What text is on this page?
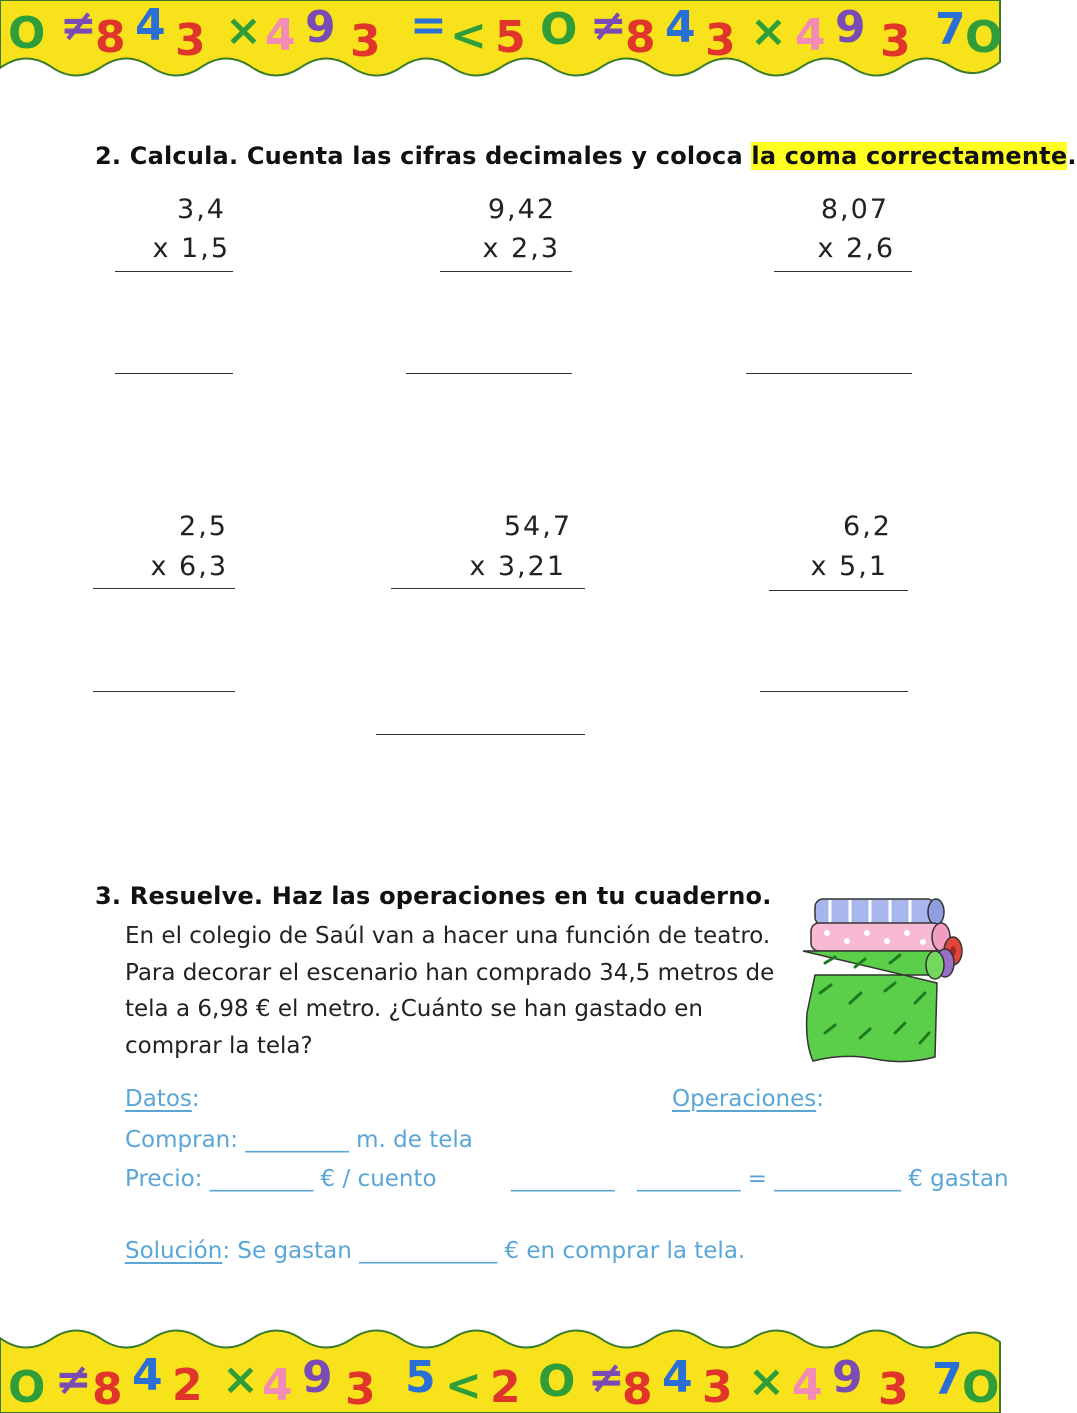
O ≠
8 4 3 × 4 9 3 = < 5 O ≠
8 4 3 × 4 9 3 7 O
2. Calcula. Cuenta las cifras decimales y coloca la coma correctamente.
3,4
x 1,5
9,42
x 2,3
8,07
x 2,6
2,5
x 6,3
54,7
x 3,21
6,2
x 5,1
3. Resuelve. Haz las operaciones en tu cuaderno.
En el colegio de Saúl van a hacer una función de teatro.
Para decorar el escenario han comprado 34,5 metros de
tela a 6,98 € el metro. ¿Cuánto se han gastado en
comprar la tela?
Datos:	Operaciones:
Compran: _________ m. de tela
Precio: _________ € / cuento	_________ _________ = ___________ € gastan
Solución: Se gastan ____________ € en comprar la tela.
O ≠ 8 4 2 × 4 9 3 5 < 2 O ≠
8 4 3 × 4 9 3 7 O
